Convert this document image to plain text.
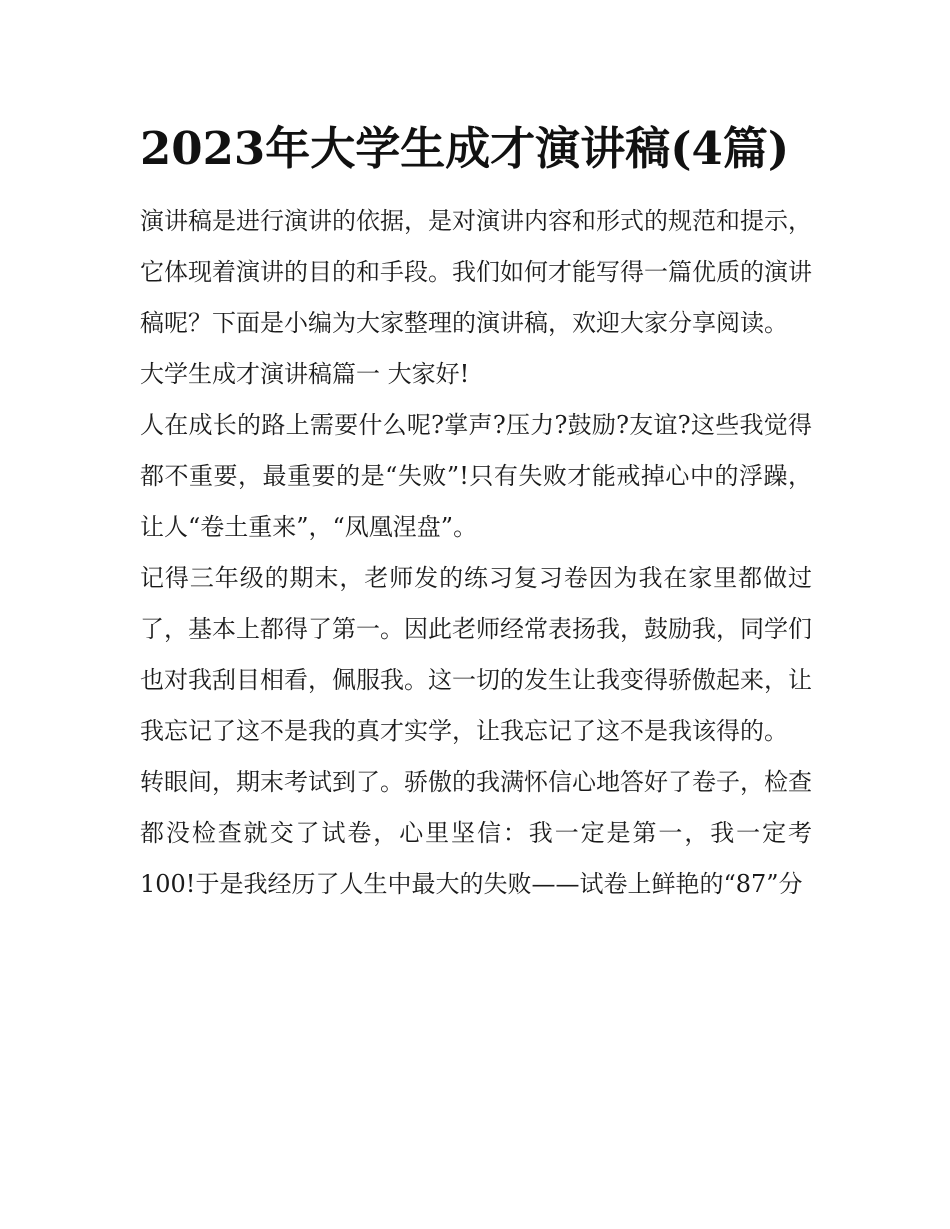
2023年大学生成才演讲稿(4篇)

演讲稿是进行演讲的依据，是对演讲内容和形式的规范和提示，它体现着演讲的目的和手段。我们如何才能写得一篇优质的演讲稿呢？下面是小编为大家整理的演讲稿，欢迎大家分享阅读。

大学生成才演讲稿篇一 大家好!

人在成长的路上需要什么呢?掌声?压力?鼓励?友谊?这些我觉得都不重要，最重要的是“失败”!只有失败才能戒掉心中的浮躁，让人“卷土重来”，“凤凰涅盘”。

记得三年级的期末，老师发的练习复习卷因为我在家里都做过了，基本上都得了第一。因此老师经常表扬我，鼓励我，同学们也对我刮目相看，佩服我。这一切的发生让我变得骄傲起来，让我忘记了这不是我的真才实学，让我忘记了这不是我该得的。

转眼间，期末考试到了。骄傲的我满怀信心地答好了卷子，检查都没检查就交了试卷，心里坚信：我一定是第一，我一定考100!于是我经历了人生中最大的失败——试卷上鲜艳的“87”分
